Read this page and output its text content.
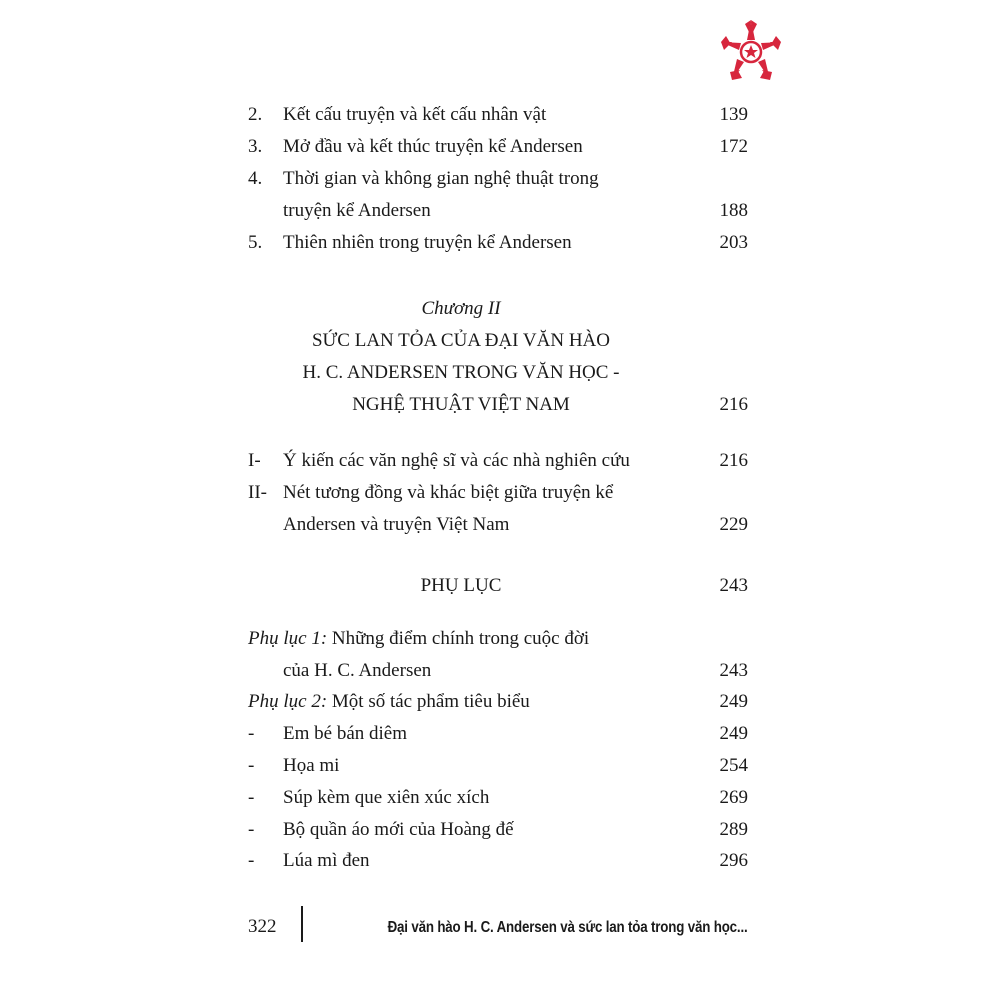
2. Kết cấu truyện và kết cấu nhân vật	139
3. Mở đầu và kết thúc truyện kể Andersen	172
4. Thời gian và không gian nghệ thuật trong
truyện kể Andersen	188
5. Thiên nhiên trong truyện kể Andersen	203
Chương II
SỨC LAN TỎA CỦA ĐẠI VĂN HÀO
H. C. ANDERSEN TRONG VĂN HỌC -
NGHỆ THUẬT VIỆT NAM	216
I- Ý kiến các văn nghệ sĩ và các nhà nghiên cứu	216
II- Nét tương đồng và khác biệt giữa truyện kể
Andersen và truyện Việt Nam	229
PHỤ LỤC	243
Phụ lục 1: Những điểm chính trong cuộc đời
của H. C. Andersen	243
Phụ lục 2: Một số tác phẩm tiêu biểu	249
- Em bé bán diêm	249
- Họa mi	254
- Súp kèm que xiên xúc xích	269
- Bộ quần áo mới của Hoàng đế	289
- Lúa mì đen	296
322	Đại văn hào H. C. Andersen và sức lan tỏa trong văn học...
